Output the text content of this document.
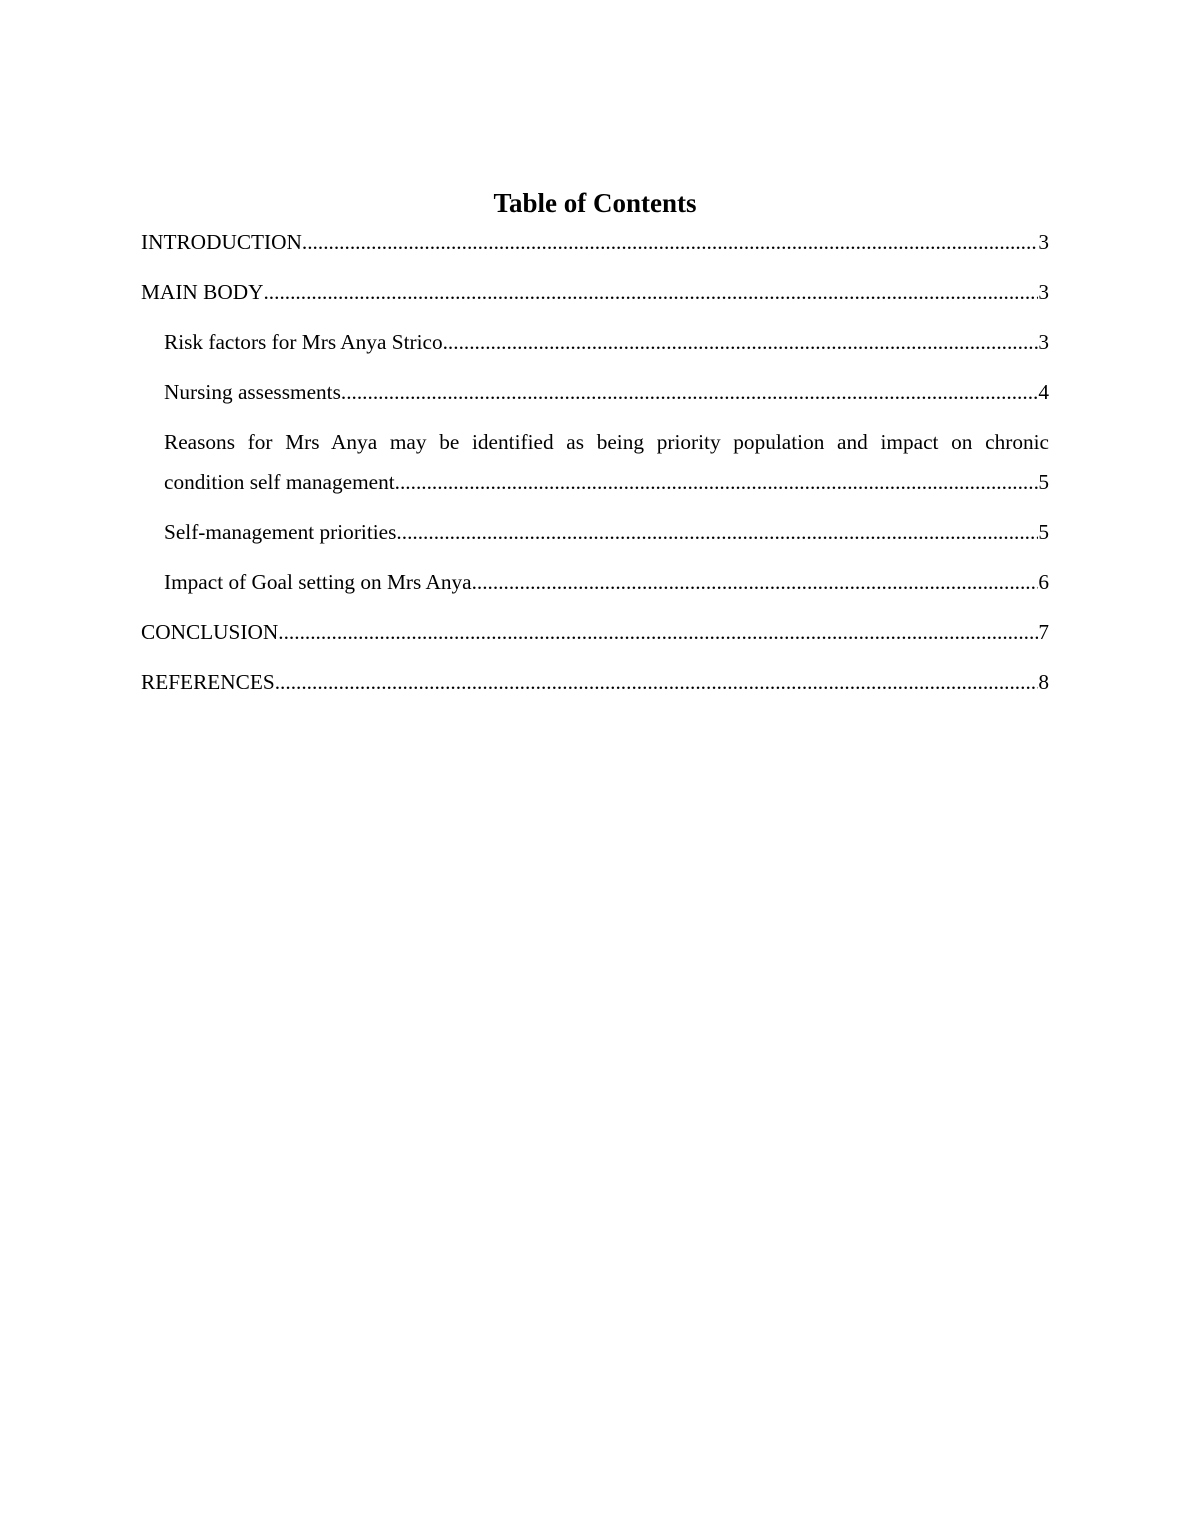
Table of Contents
INTRODUCTION .....	3
MAIN BODY .....	3
Risk factors for Mrs Anya Strico .....	3
Nursing assessments .....	4
Reasons for Mrs Anya may be identified as being priority population and impact on chronic
condition self management .....	5
Self-management priorities .....	5
Impact of Goal setting on Mrs Anya .....	6
CONCLUSION .....	7
REFERENCES .....	8
